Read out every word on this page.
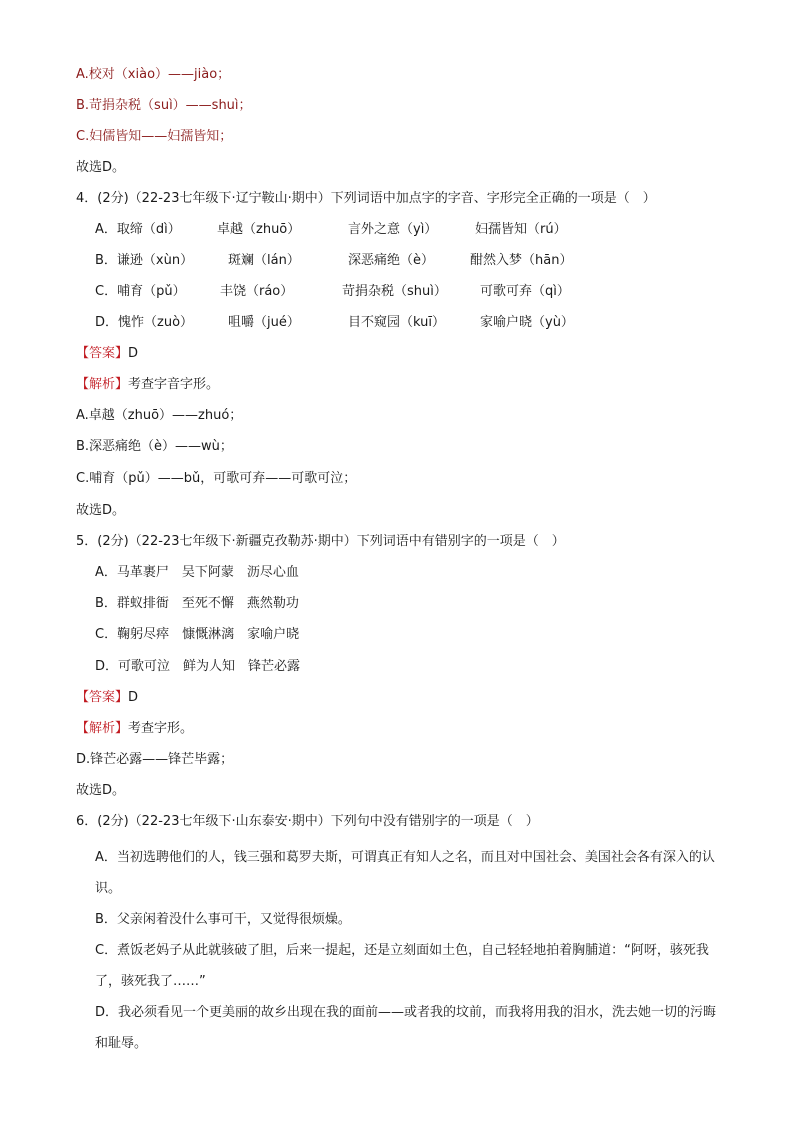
A.校对（xiào）——jiào；
B.苛捐杂税（suì）——shuì；
C.妇儒皆知——妇孺皆知；
故选D。
4．(2分)（22-23七年级下·辽宁鞍山·期中）下列词语中加点字的字音、字形完全正确的一项是（　）
A．取缔（dì）	卓越（zhuō）	言外之意（yì）	妇孺皆知（rú）
B．谦逊（xùn）	斑斓（lán）	深恶痛绝（è）	酣然入梦（hān）
C．哺育（pǔ）	丰饶（ráo）	苛捐杂税（shuì）	可歌可弃（qì）
D．愧怍（zuò）	咀嚼（jué）	目不窥园（kuī）	家喻户晓（yù）
【答案】D
【解析】考查字音字形。
A.卓越（zhuō）——zhuó；
B.深恶痛绝（è）——wù；
C.哺育（pǔ）——bǔ，可歌可弃——可歌可泣；
故选D。
5．(2分)（22-23七年级下·新疆克孜勒苏·期中）下列词语中有错别字的一项是（　）
A．马革裹尸　吴下阿蒙　沥尽心血
B．群蚁排衙　至死不懈　燕然勒功
C．鞠躬尽瘁　慷慨淋漓　家喻户晓
D．可歌可泣　鲜为人知　锋芒必露
【答案】D
【解析】考查字形。
D.锋芒必露——锋芒毕露；
故选D。
6．(2分)（22-23七年级下·山东泰安·期中）下列句中没有错别字的一项是（　）
A．当初选聘他们的人，钱三强和葛罗夫斯，可谓真正有知人之名，而且对中国社会、美国社会各有深入的认识。
B．父亲闲着没什么事可干，又觉得很烦燥。
C．煮饭老妈子从此就骇破了胆，后来一提起，还是立刻面如土色，自己轻轻地拍着胸脯道：“阿呀，骇死我了，骇死我了……”
D．我必须看见一个更美丽的故乡出现在我的面前——或者我的坟前，而我将用我的泪水，洗去她一切的污晦和耻辱。
